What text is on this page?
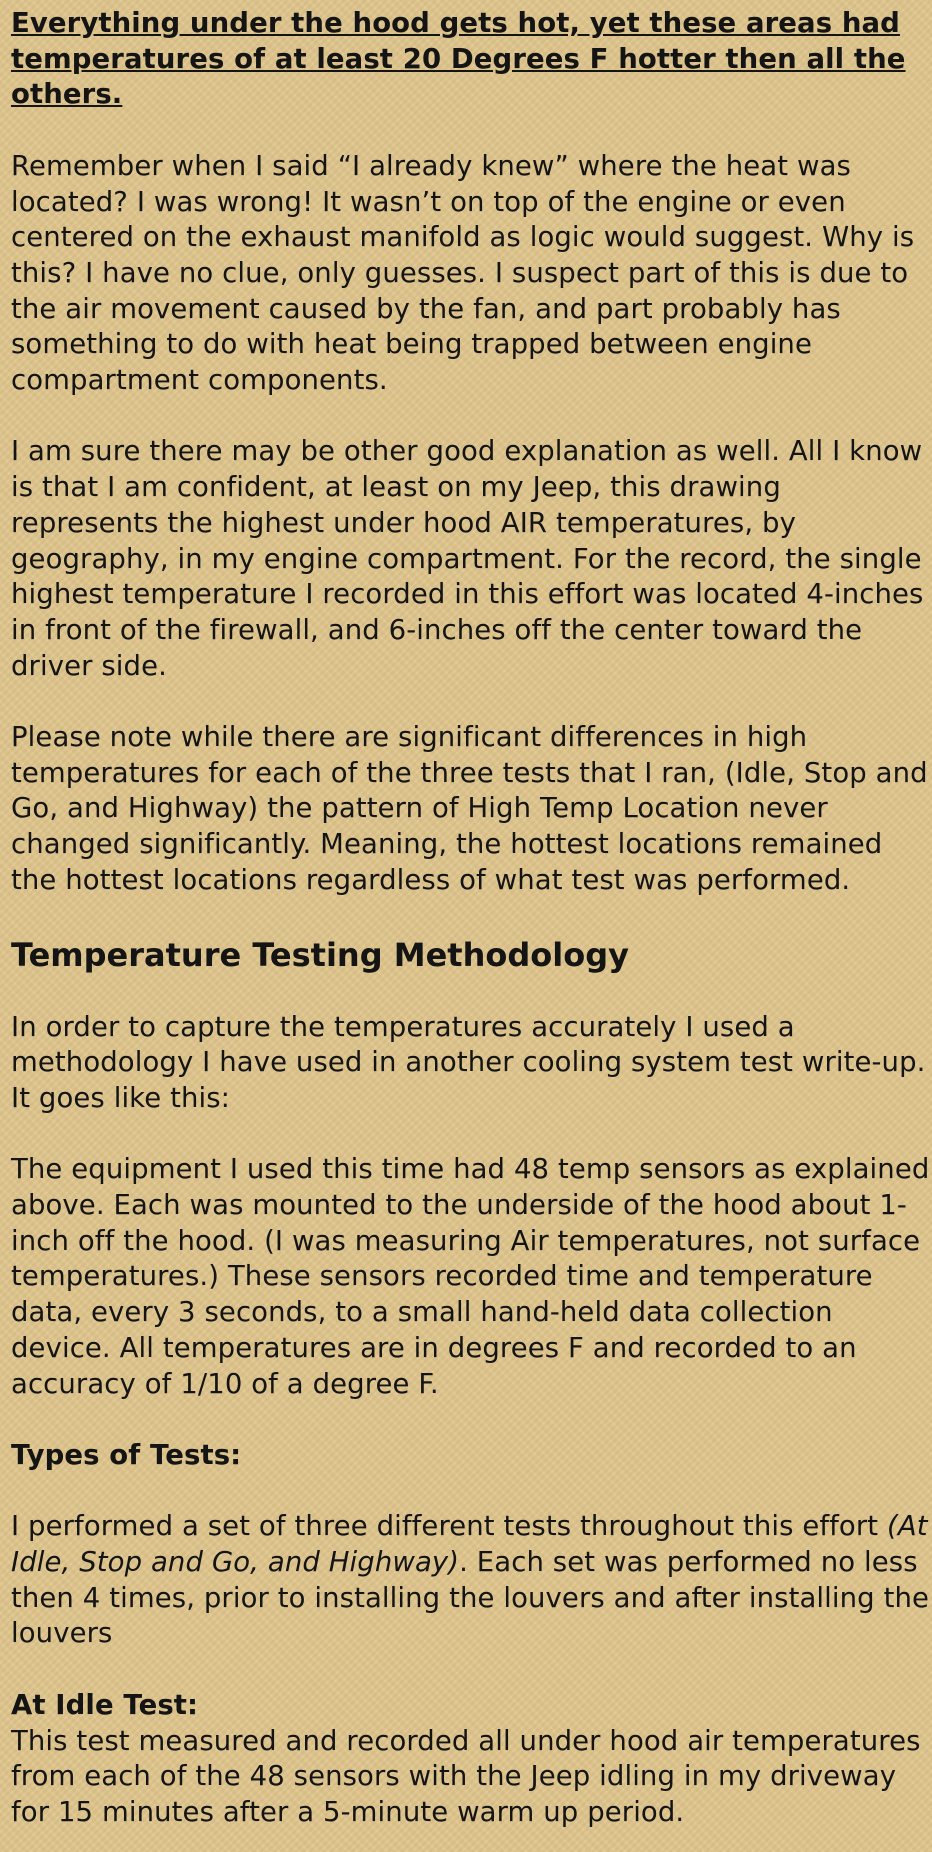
Everything under the hood gets hot, yet these areas had temperatures of at least 20 Degrees F hotter then all the others.

Remember when I said “I already knew” where the heat was located? I was wrong! It wasn’t on top of the engine or even centered on the exhaust manifold as logic would suggest. Why is this? I have no clue, only guesses. I suspect part of this is due to the air movement caused by the fan, and part probably has something to do with heat being trapped between engine compartment components.

I am sure there may be other good explanation as well. All I know is that I am confident, at least on my Jeep, this drawing represents the highest under hood AIR temperatures, by geography, in my engine compartment. For the record, the single highest temperature I recorded in this effort was located 4-inches in front of the firewall, and 6-inches off the center toward the driver side.

Please note while there are significant differences in high temperatures for each of the three tests that I ran, (Idle, Stop and Go, and Highway) the pattern of High Temp Location never changed significantly. Meaning, the hottest locations remained the hottest locations regardless of what test was performed.

Temperature Testing Methodology

In order to capture the temperatures accurately I used a methodology I have used in another cooling system test write-up. It goes like this:

The equipment I used this time had 48 temp sensors as explained above. Each was mounted to the underside of the hood about 1-inch off the hood. (I was measuring Air temperatures, not surface temperatures.) These sensors recorded time and temperature data, every 3 seconds, to a small hand-held data collection device. All temperatures are in degrees F and recorded to an accuracy of 1/10 of a degree F.

Types of Tests:

I performed a set of three different tests throughout this effort (At Idle, Stop and Go, and Highway). Each set was performed no less then 4 times, prior to installing the louvers and after installing the louvers

At Idle Test:

This test measured and recorded all under hood air temperatures from each of the 48 sensors with the Jeep idling in my driveway for 15 minutes after a 5-minute warm up period.
